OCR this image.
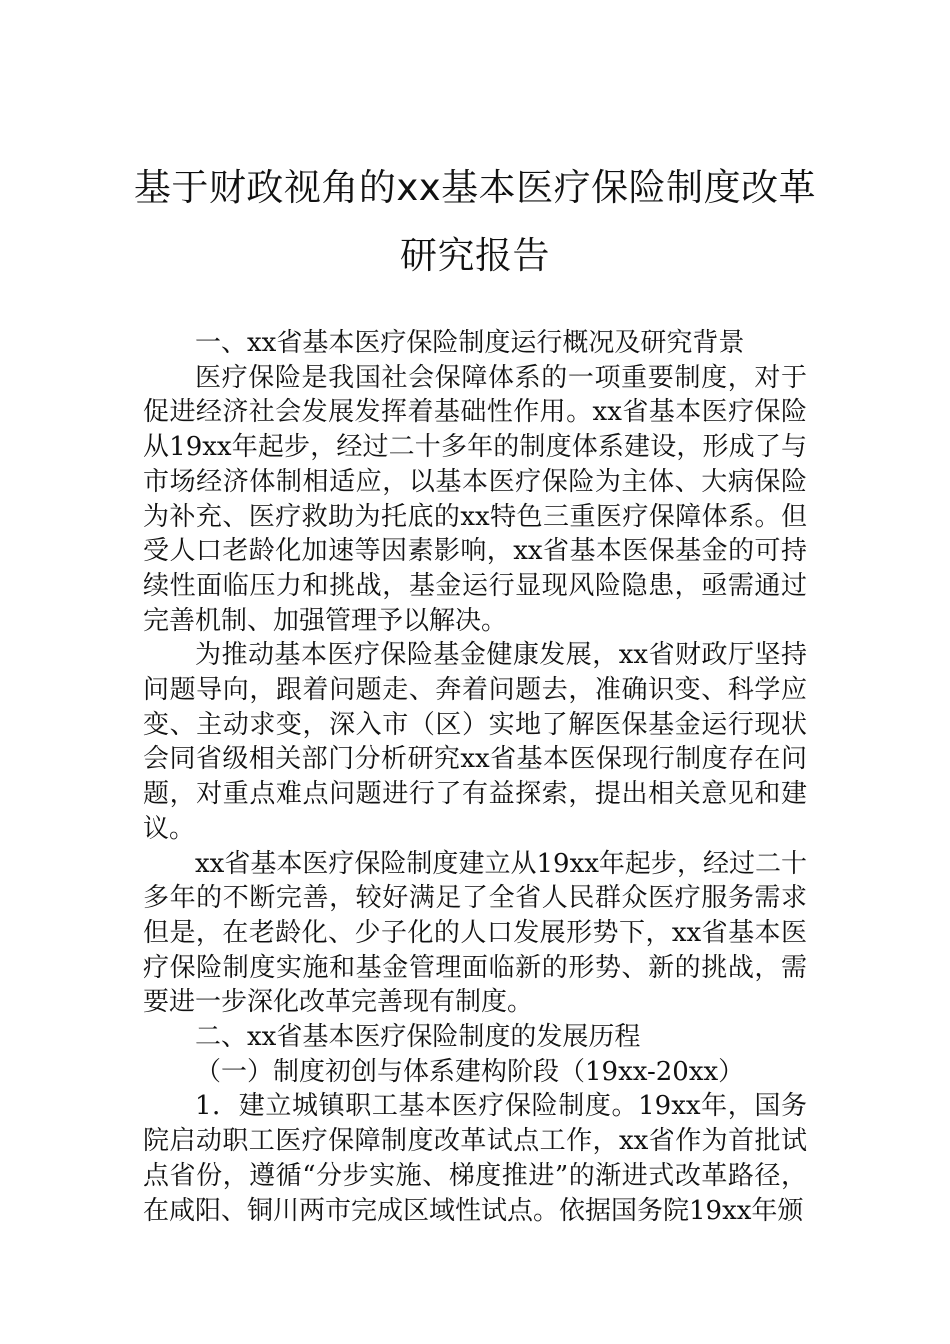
基于财政视角的xx基本医疗保险制度改革
研究报告

一、xx省基本医疗保险制度运行概况及研究背景

医疗保险是我国社会保障体系的一项重要制度，对于促进经济社会发展发挥着基础性作用。xx省基本医疗保险从19xx年起步，经过二十多年的制度体系建设，形成了与市场经济体制相适应，以基本医疗保险为主体、大病保险为补充、医疗救助为托底的xx特色三重医疗保障体系。但受人口老龄化加速等因素影响，xx省基本医保基金的可持续性面临压力和挑战，基金运行显现风险隐患，亟需通过完善机制、加强管理予以解决。

为推动基本医疗保险基金健康发展，xx省财政厅坚持问题导向，跟着问题走、奔着问题去，准确识变、科学应变、主动求变，深入市（区）实地了解医保基金运行现状会同省级相关部门分析研究xx省基本医保现行制度存在问题，对重点难点问题进行了有益探索，提出相关意见和建议。

xx省基本医疗保险制度建立从19xx年起步，经过二十多年的不断完善，较好满足了全省人民群众医疗服务需求但是，在老龄化、少子化的人口发展形势下，xx省基本医疗保险制度实施和基金管理面临新的形势、新的挑战，需要进一步深化改革完善现有制度。

二、xx省基本医疗保险制度的发展历程

（一）制度初创与体系建构阶段（19xx-20xx）

1．建立城镇职工基本医疗保险制度。19xx年，国务院启动职工医疗保障制度改革试点工作，xx省作为首批试点省份，遵循“分步实施、梯度推进”的渐进式改革路径，在咸阳、铜川两市完成区域性试点。依据国务院19xx年颁
